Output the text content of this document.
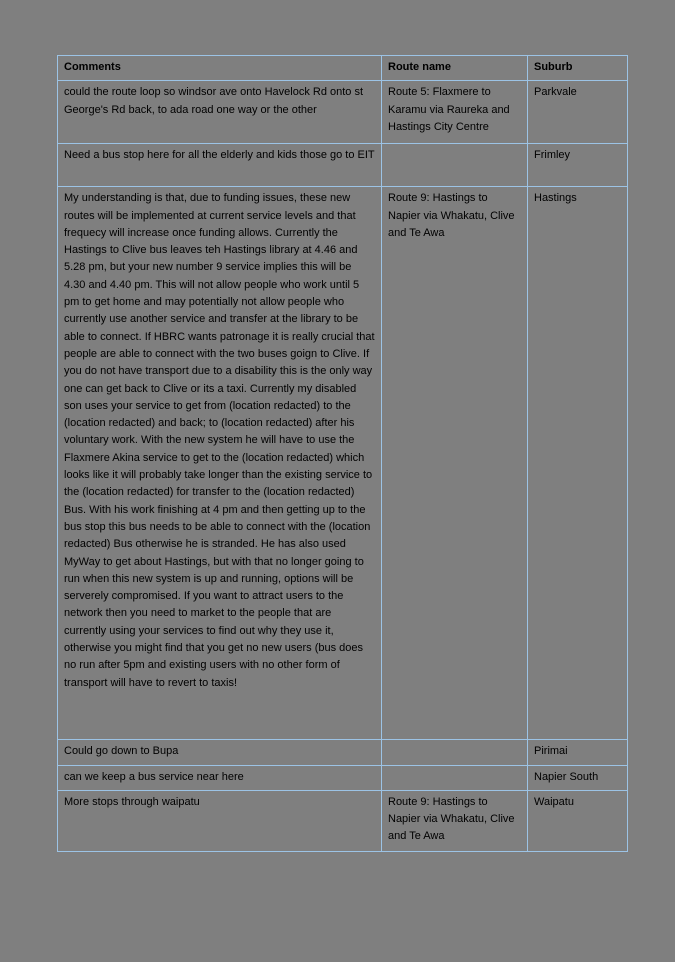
Comments	Route name	Suburb
could the route loop so windsor ave onto Havelock Rd onto st George's Rd back, to ada road one way or the other	Route 5: Flaxmere to Karamu via Raureka and Hastings City Centre	Parkvale
Need a bus stop here for all the elderly and kids those go to EIT		Frimley
My understanding is that, due to funding issues, these new routes will be implemented at current service levels and that frequecy will increase once funding allows. Currently the Hastings to Clive bus leaves teh Hastings library at 4.46 and 5.28 pm, but your new number 9 service implies this will be 4.30 and 4.40 pm. This will not allow people who work until 5 pm to get home and may potentially not allow people who currently use another service and transfer at the library to be able to connect. If HBRC wants patronage it is really crucial that people are able to connect with the two buses goign to Clive. If you do not have transport due to a disability this is the only way one can get back to Clive or its a taxi. Currently my disabled son uses your service to get from (location redacted) to the (location redacted) and back; to (location redacted) after his voluntary work. With the new system he will have to use the Flaxmere Akina service to get to the (location redacted) which looks like it will probably take longer than the existing service to the (location redacted) for transfer to the (location redacted) Bus. With his work finishing at 4 pm and then getting up to the bus stop this bus needs to be able to connect with the (location redacted) Bus otherwise he is stranded. He has also used MyWay to get about Hastings, but with that no longer going to run when this new system is up and running, options will be serverely compromised. If you want to attract users to the network then you need to market to the people that are currently using your services to find out why they use it, otherwise you might find that you get no new users (bus does no run after 5pm and existing users with no other form of transport will have to revert to taxis!	Route 9: Hastings to Napier via Whakatu, Clive and Te Awa	Hastings
Could go down to Bupa		Pirimai
can we keep a bus service near here		Napier South
More stops through waipatu	Route 9: Hastings to Napier via Whakatu, Clive and Te Awa	Waipatu
